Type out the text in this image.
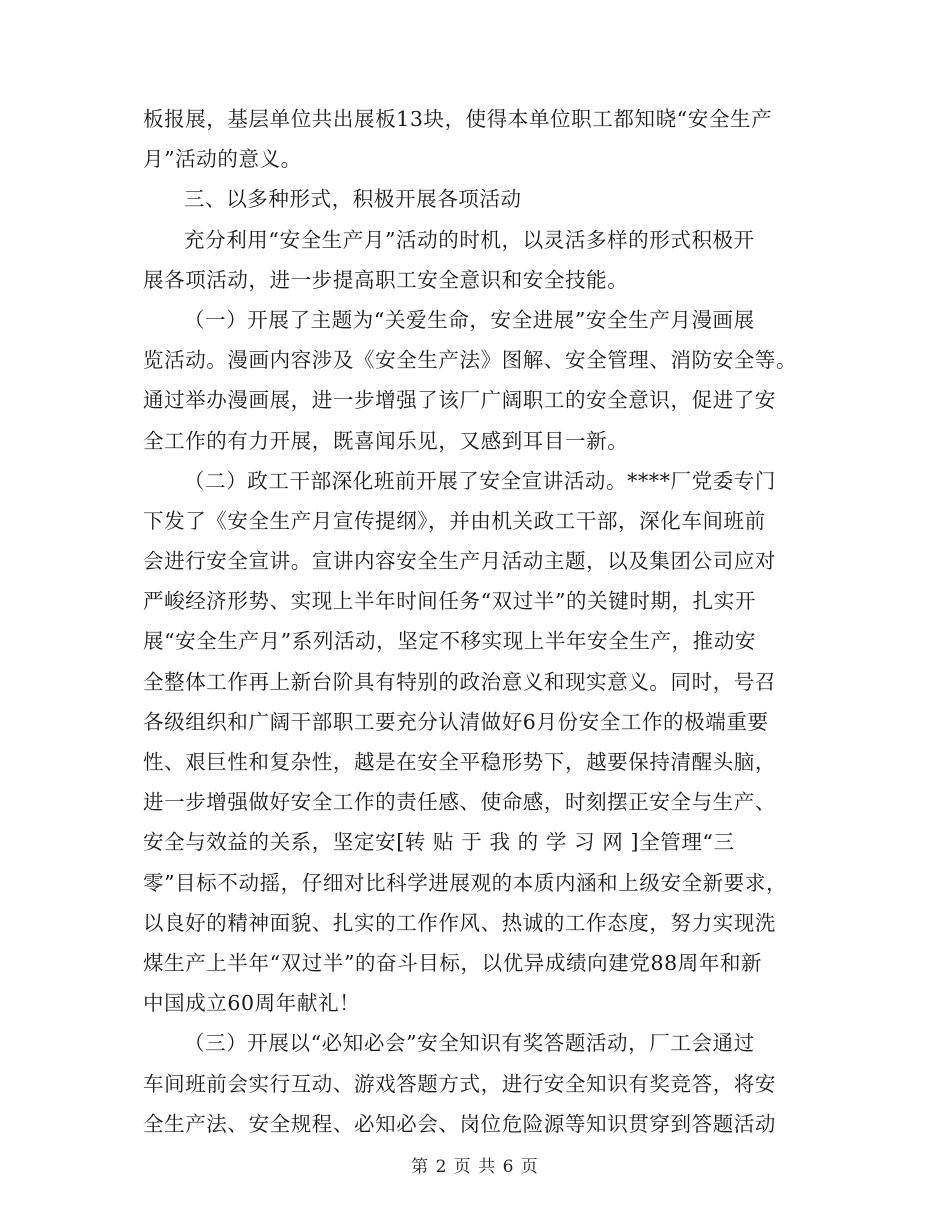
板报展，基层单位共出展板13块，使得本单位职工都知晓“安全生产
月”活动的意义。
三、以多种形式，积极开展各项活动
充分利用“安全生产月”活动的时机，以灵活多样的形式积极开
展各项活动，进一步提高职工安全意识和安全技能。
（一）开展了主题为“关爱生命，安全进展”安全生产月漫画展
览活动。漫画内容涉及《安全生产法》图解、安全管理、消防安全等。
通过举办漫画展，进一步增强了该厂广阔职工的安全意识，促进了安
全工作的有力开展，既喜闻乐见，又感到耳目一新。
（二）政工干部深化班前开展了安全宣讲活动。****厂党委专门
下发了《安全生产月宣传提纲》，并由机关政工干部，深化车间班前
会进行安全宣讲。宣讲内容安全生产月活动主题，以及集团公司应对
严峻经济形势、实现上半年时间任务“双过半”的关键时期，扎实开
展“安全生产月”系列活动，坚定不移实现上半年安全生产，推动安
全整体工作再上新台阶具有特别的政治意义和现实意义。同时，号召
各级组织和广阔干部职工要充分认清做好6月份安全工作的极端重要
性、艰巨性和复杂性，越是在安全平稳形势下，越要保持清醒头脑，
进一步增强做好安全工作的责任感、使命感，时刻摆正安全与生产、
安全与效益的关系，坚定安[转 贴 于 我 的 学 习 网 ]全管理“三
零”目标不动摇，仔细对比科学进展观的本质内涵和上级安全新要求，
以良好的精神面貌、扎实的工作作风、热诚的工作态度，努力实现洗
煤生产上半年“双过半”的奋斗目标，以优异成绩向建党88周年和新
中国成立60周年献礼！
（三）开展以“必知必会”安全知识有奖答题活动，厂工会通过
车间班前会实行互动、游戏答题方式，进行安全知识有奖竞答，将安
全生产法、安全规程、必知必会、岗位危险源等知识贯穿到答题活动
第 2 页 共 6 页
